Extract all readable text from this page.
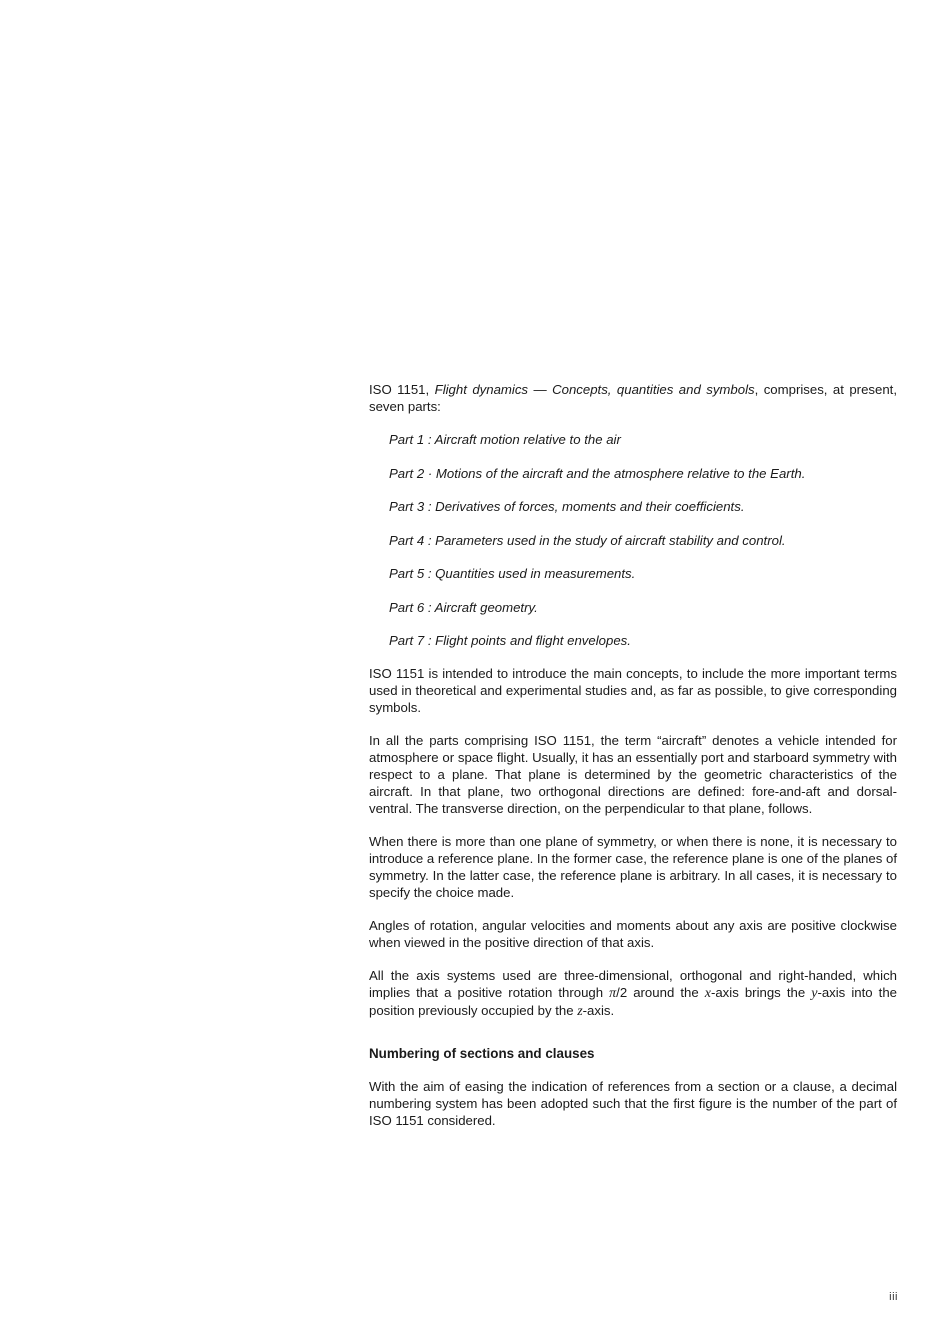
ISO 1151, Flight dynamics — Concepts, quantities and symbols, comprises, at present, seven parts:

Part 1 : Aircraft motion relative to the air
Part 2 · Motions of the aircraft and the atmosphere relative to the Earth.
Part 3 : Derivatives of forces, moments and their coefficients.
Part 4 : Parameters used in the study of aircraft stability and control.
Part 5 : Quantities used in measurements.
Part 6 : Aircraft geometry.
Part 7 : Flight points and flight envelopes.

ISO 1151 is intended to introduce the main concepts, to include the more important terms used in theoretical and experimental studies and, as far as possible, to give corresponding symbols.

In all the parts comprising ISO 1151, the term “aircraft” denotes a vehicle intended for atmosphere or space flight. Usually, it has an essentially port and starboard symmetry with respect to a plane. That plane is determined by the geometric characteristics of the aircraft. In that plane, two orthogonal directions are defined: fore-and-aft and dorsal-ventral. The transverse direction, on the perpendicular to that plane, follows.

When there is more than one plane of symmetry, or when there is none, it is necessary to introduce a reference plane. In the former case, the reference plane is one of the planes of symmetry. In the latter case, the reference plane is arbitrary. In all cases, it is necessary to specify the choice made.

Angles of rotation, angular velocities and moments about any axis are positive clockwise when viewed in the positive direction of that axis.

All the axis systems used are three-dimensional, orthogonal and right-handed, which implies that a positive rotation through π/2 around the x-axis brings the y-axis into the position previously occupied by the z-axis.

Numbering of sections and clauses

With the aim of easing the indication of references from a section or a clause, a decimal numbering system has been adopted such that the first figure is the number of the part of ISO 1151 considered.

iii
